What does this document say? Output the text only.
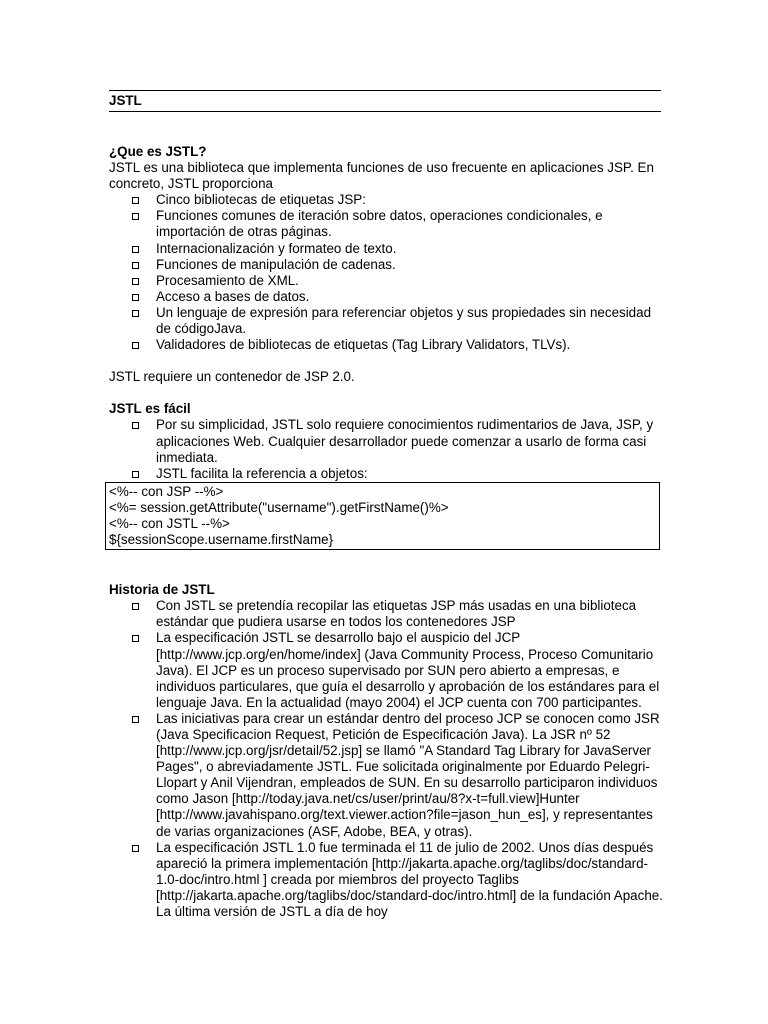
JSTL
¿Que es JSTL?

JSTL es una biblioteca que implementa funciones de uso frecuente en aplicaciones JSP. En concreto, JSTL proporciona

Cinco bibliotecas de etiquetas JSP:
Funciones comunes de iteración sobre datos, operaciones condicionales, e importación de otras páginas.
Internacionalización y formateo de texto.
Funciones de manipulación de cadenas.
Procesamiento de XML.
Acceso a bases de datos.
Un lenguaje de expresión para referenciar objetos y sus propiedades sin necesidad de códigoJava.
Validadores de bibliotecas de etiquetas (Tag Library Validators, TLVs).

JSTL requiere un contenedor de JSP 2.0.

JSTL es fácil
Por su simplicidad, JSTL solo requiere conocimientos rudimentarios de Java, JSP, y aplicaciones Web. Cualquier desarrollador puede comenzar a usarlo de forma casi inmediata.
JSTL facilita la referencia a objetos:
<%-- con JSP --%>
<%= session.getAttribute("username").getFirstName()%>
<%-- con JSTL --%>
${sessionScope.username.firstName}
Historia de JSTL
Con JSTL se pretendía recopilar las etiquetas JSP más usadas en una biblioteca estándar que pudiera usarse en todos los contenedores JSP
La especificación JSTL se desarrollo bajo el auspicio del JCP [http://www.jcp.org/en/home/index] (Java Community Process, Proceso Comunitario Java). El JCP es un proceso supervisado por SUN pero abierto a empresas, e individuos particulares, que guía el desarrollo y aprobación de los estándares para el lenguaje Java. En la actualidad (mayo 2004) el JCP cuenta con 700 participantes.
Las iniciativas para crear un estándar dentro del proceso JCP se conocen como JSR (Java Specificacion Request, Petición de Especificación Java). La JSR nº 52 [http://www.jcp.org/jsr/detail/52.jsp] se llamó "A Standard Tag Library for JavaServer Pages", o abreviadamente JSTL. Fue solicitada originalmente por Eduardo Pelegri-Llopart y Anil Vijendran, empleados de SUN. En su desarrollo participaron individuos como Jason [http://today.java.net/cs/user/print/au/8?x-t=full.view]Hunter [http://www.javahispano.org/text.viewer.action?file=jason_hun_es], y representantes de varias organizaciones (ASF, Adobe, BEA, y otras).
La especificación JSTL 1.0 fue terminada el 11 de julio de 2002. Unos días después apareció la primera implementación [http://jakarta.apache.org/taglibs/doc/standard-1.0-doc/intro.html ] creada por miembros del proyecto Taglibs [http://jakarta.apache.org/taglibs/doc/standard-doc/intro.html] de la fundación Apache. La última versión de JSTL a día de hoy
